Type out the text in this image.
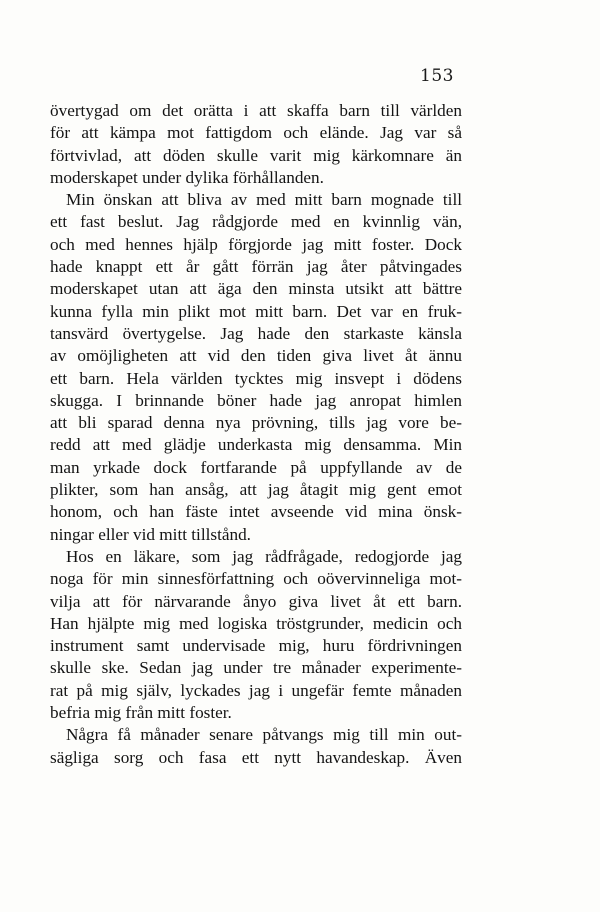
153
övertygad om det orätta i att skaffa barn till världen
för att kämpa mot fattigdom och elände. Jag var så
förtvivlad, att döden skulle varit mig kärkomnare än
moderskapet under dylika förhållanden.
Min önskan att bliva av med mitt barn mognade till
ett fast beslut. Jag rådgjorde med en kvinnlig vän,
och med hennes hjälp förgjorde jag mitt foster. Dock
hade knappt ett år gått förrän jag åter påtvingades
moderskapet utan att äga den minsta utsikt att bättre
kunna fylla min plikt mot mitt barn. Det var en fruk-
tansvärd övertygelse. Jag hade den starkaste känsla
av omöjligheten att vid den tiden giva livet åt ännu
ett barn. Hela världen tycktes mig insvept i dödens
skugga. I brinnande böner hade jag anropat himlen
att bli sparad denna nya prövning, tills jag vore be-
redd att med glädje underkasta mig densamma. Min
man yrkade dock fortfarande på uppfyllande av de
plikter, som han ansåg, att jag åtagit mig gent emot
honom, och han fäste intet avseende vid mina önsk-
ningar eller vid mitt tillstånd.
Hos en läkare, som jag rådfrågade, redogjorde jag
noga för min sinnesförfattning och oövervinneliga mot-
vilja att för närvarande ånyo giva livet åt ett barn.
Han hjälpte mig med logiska tröstgrunder, medicin och
instrument samt undervisade mig, huru fördrivningen
skulle ske. Sedan jag under tre månader experimente-
rat på mig själv, lyckades jag i ungefär femte månaden
befria mig från mitt foster.
Några få månader senare påtvangs mig till min out-
sägliga sorg och fasa ett nytt havandeskap. Även
